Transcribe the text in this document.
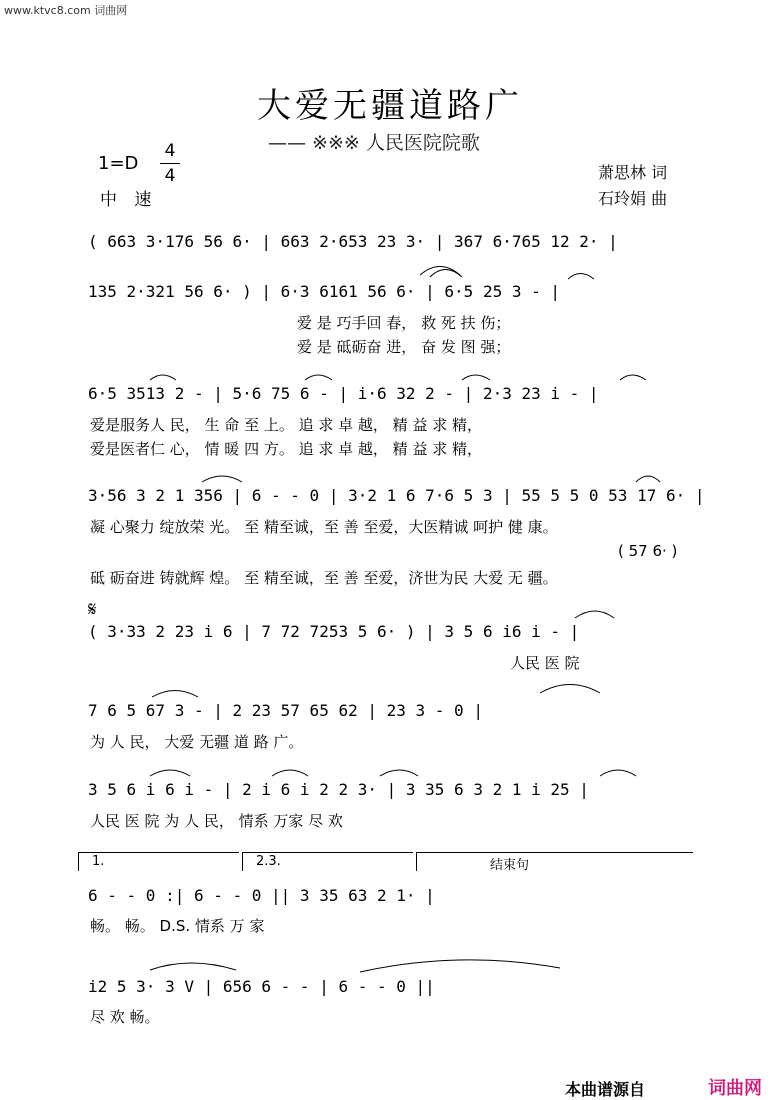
www.ktvc8.com 词曲网
大爱无疆道路广
—— ※※※ 人民医院院歌
1=D
4
4
中 速
萧思林 词
石玲娟 曲
( 663 3·176 56 6· | 663 2·653 23 3· | 367 6·765 12 2· |
135 2·321 56 6· ) | 6·3 6161 56 6· | 6·5 25 3 - |
6·5 3513 2 - | 5·6 75 6 - | i·6 32 2 - | 2·3 23 i - |
3·56 3 2 1 356 | 6 - - 0 | 3·2 1 6 7·6 5 3 | 55 5 5 0 53 17 6· |
( 3·33 2 23 i 6 | 7 72 7253 5 6· ) | 3 5 6 i6 i - |
7 6 5 67 3 - | 2 23 57 65 62 | 23 3 - 0 |
3 5 6 i 6 i - | 2 i 6 i 2 2 3· | 3 35 6 3 2 1 i 25 |
6 - - 0 :| 6 - - 0 || 3 35 63 2 1· |
i2 5 3· 3 V | 656 6 - - | 6 - - 0 ||
爱 是 巧手回 春， 救 死 扶 伤；
爱 是 砥砺奋 进， 奋 发 图 强；
爱是服务人 民， 生 命 至 上。 追 求 卓 越， 精 益 求 精，
爱是医者仁 心， 情 暖 四 方。 追 求 卓 越， 精 益 求 精，
凝 心聚力 绽放荣 光。 至 精至诚，至 善 至爱，大医精诚 呵护 健 康。
( 57 6· )
砥 砺奋进 铸就辉 煌。 至 精至诚，至 善 至爱，济世为民 大爱 无 疆。
人民 医 院
为 人 民， 大爱 无疆 道 路 广。
人民 医 院 为 人 民， 情系 万家 尽 欢
畅。 畅。 D.S. 情系 万 家
尽 欢 畅。
𝄋
1.	2.3.	结束句
本曲谱源自	词曲网
